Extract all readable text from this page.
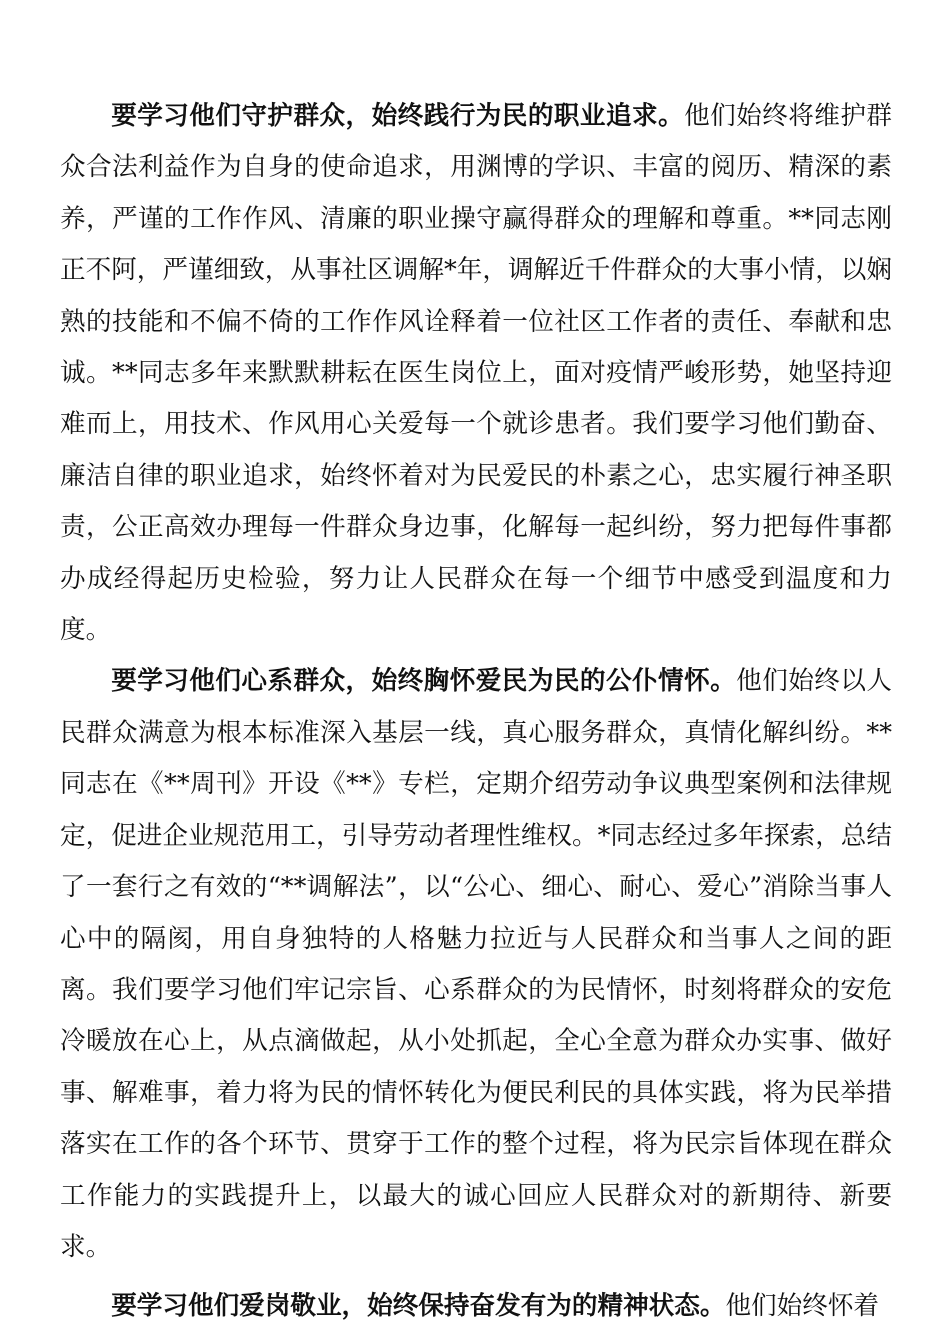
要学习他们守护群众，始终践行为民的职业追求。他们始终将维护群众合法利益作为自身的使命追求，用渊博的学识、丰富的阅历、精深的素养，严谨的工作作风、清廉的职业操守赢得群众的理解和尊重。**同志刚正不阿，严谨细致，从事社区调解*年，调解近千件群众的大事小情，以娴熟的技能和不偏不倚的工作作风诠释着一位社区工作者的责任、奉献和忠诚。**同志多年来默默耕耘在医生岗位上，面对疫情严峻形势，她坚持迎难而上，用技术、作风用心关爱每一个就诊患者。我们要学习他们勤奋、廉洁自律的职业追求，始终怀着对为民爱民的朴素之心，忠实履行神圣职责，公正高效办理每一件群众身边事，化解每一起纠纷，努力把每件事都办成经得起历史检验，努力让人民群众在每一个细节中感受到温度和力度。

要学习他们心系群众，始终胸怀爱民为民的公仆情怀。他们始终以人民群众满意为根本标准深入基层一线，真心服务群众，真情化解纠纷。**同志在《**周刊》开设《**》专栏，定期介绍劳动争议典型案例和法律规定，促进企业规范用工，引导劳动者理性维权。*同志经过多年探索，总结了一套行之有效的“**调解法”，以“公心、细心、耐心、爱心”消除当事人心中的隔阂，用自身独特的人格魅力拉近与人民群众和当事人之间的距离。我们要学习他们牢记宗旨、心系群众的为民情怀，时刻将群众的安危冷暖放在心上，从点滴做起，从小处抓起，全心全意为群众办实事、做好事、解难事，着力将为民的情怀转化为便民利民的具体实践，将为民举措落实在工作的各个环节、贯穿于工作的整个过程，将为民宗旨体现在群众工作能力的实践提升上，以最大的诚心回应人民群众对的新期待、新要求。

要学习他们爱岗敬业，始终保持奋发有为的精神状态。他们始终怀着
